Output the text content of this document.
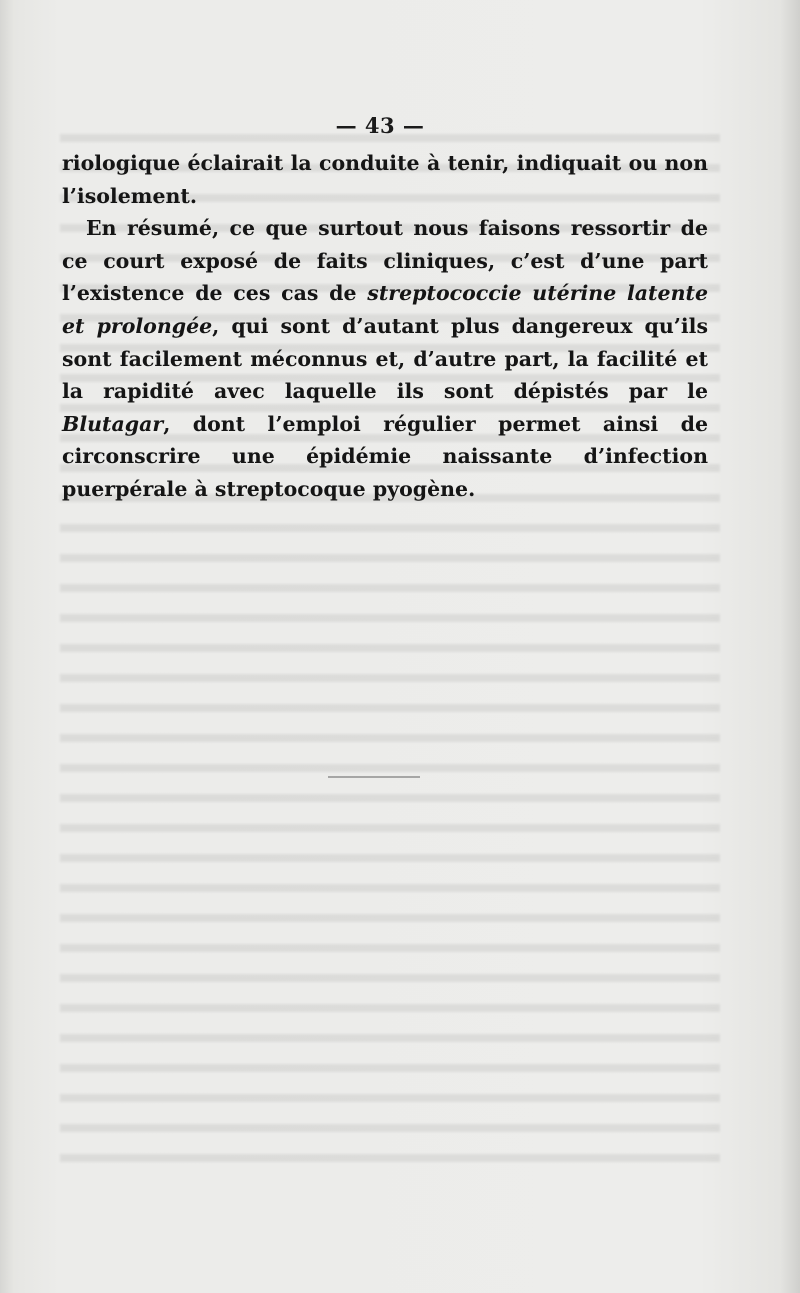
— 43 —

riologique éclairait la conduite à tenir, indiquait ou non l’isolement.

En résumé, ce que surtout nous faisons ressortir de ce court exposé de faits cliniques, c’est d’une part l’existence de ces cas de streptococcie utérine latente et prolongée, qui sont d’autant plus dangereux qu’ils sont facilement méconnus et, d’autre part, la facilité et la rapidité avec laquelle ils sont dépistés par le Blutagar, dont l’emploi régulier permet ainsi de circonscrire une épidémie naissante d’infection puerpérale à streptocoque pyogène.
